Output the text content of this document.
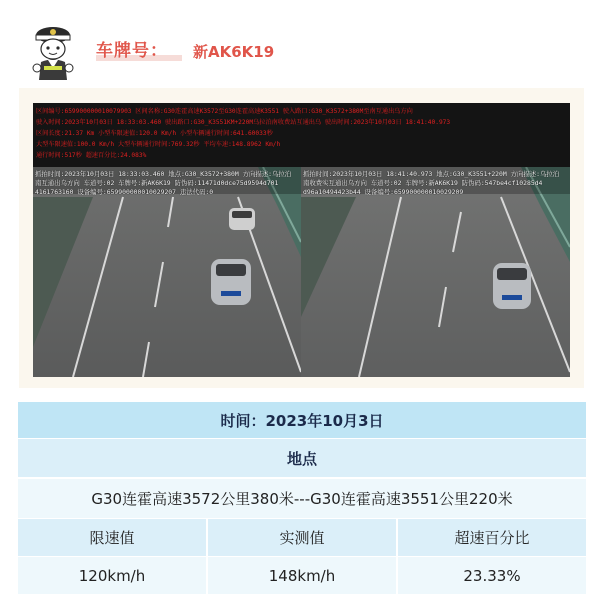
车牌号： 新AK6K19
区间编号:659900000010079903 区间名称:G30连霍高速K3572至G30连霍高速K3551 驶入路口:G30_K3572+380M至南互通出乌方向
驶入时间:2023年10月03日 18:33:03.460 驶出路口:G30_K3551KM+220M乌拉泊南收费站互通出乌 驶出时间:2023年10月03日 18:41:40.973
区间长度:21.37 Km 小型车限速值:120.0 Km/h 小型车辆通行时间:641.60033秒
大型车限速值:100.0 Km/h 大型车辆通行时间:769.32秒 平均车速:148.8962 Km/h
通行时间:517秒 超速百分比:24.083%
抓拍时间:2023年10月03日 18:33:03.460 地点:G30_K3572+380M 方向描述:乌拉泊
南互通出乌方向 车道号:02 车牌号:新AK6K19 防伪码:11471d0dce75d9594d701
4161763160 设备编号:659900000010029207 违法代码:0
抓拍时间:2023年10月03日 18:41:40.973 地点:G30_K3551+220M 方向描述:乌拉泊
南收费实互通出乌方向 车道号:02 车牌号:新AK6K19 防伪码:547be4cf10285d4
d96a10494423b44 设备编号:659900000010029209
时间：2023年10月3日
地点
G30连霍高速3572公里380米---G30连霍高速3551公里220米
限速值	实测值	超速百分比
120km/h	148km/h	23.33%
